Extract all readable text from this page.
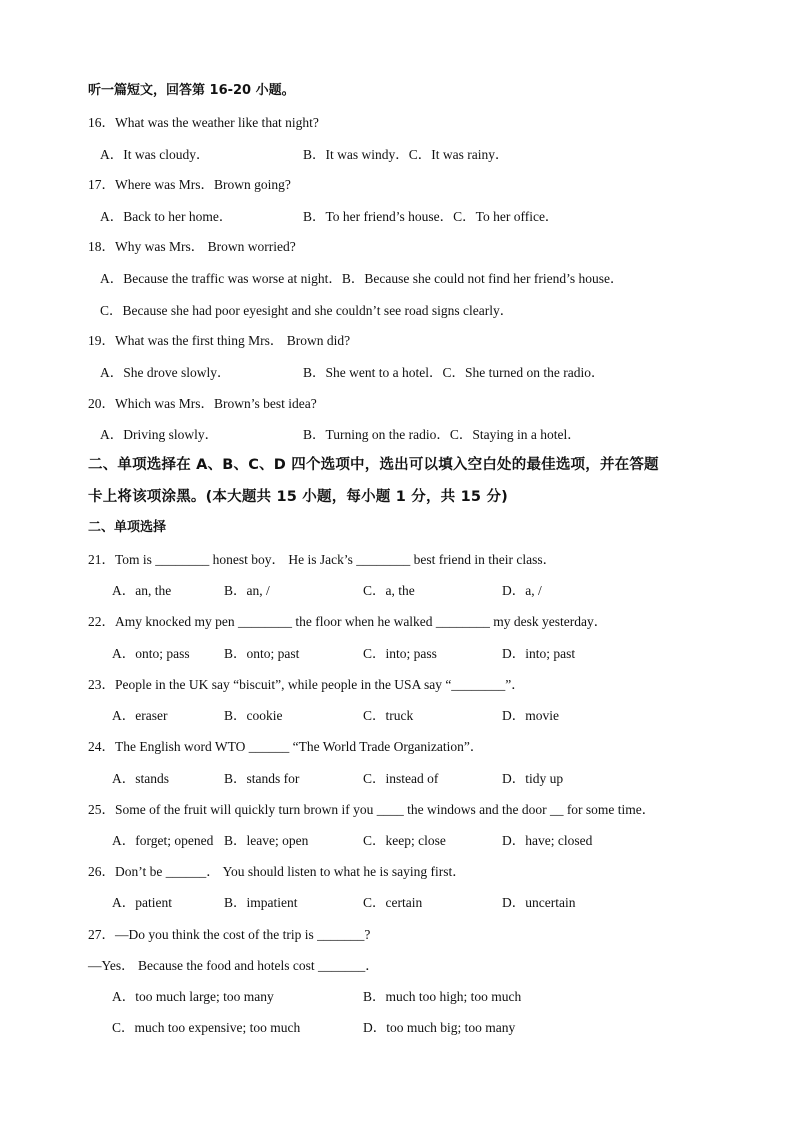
听一篇短文，回答第 16-20 小题。
16．What was the weather like that night?
A．It was cloudy．	B．It was windy．C．It was rainy．
17．Where was Mrs．Brown going?
A．Back to her home．	B．To her friend’s house．C．To her office．
18．Why was Mrs． Brown worried?
A．Because the traffic was worse at night．B．Because she could not find her friend’s house．
C．Because she had poor eyesight and she couldn’t see road signs clearly．
19．What was the first thing Mrs． Brown did?
A．She drove slowly．	B．She went to a hotel．C．She turned on the radio．
20．Which was Mrs．Brown’s best idea?
A．Driving slowly．	B．Turning on the radio．C．Staying in a hotel．
二、单项选择在 A、B、C、D 四个选项中，选出可以填入空白处的最佳选项，并在答题
卡上将该项涂黑。(本大题共 15 小题，每小题 1 分，共 15 分)
二、单项选择
21．Tom is ________ honest boy． He is Jack’s ________ best friend in their class．
A．an, the	B．an, /	C．a, the	D．a, /
22．Amy knocked my pen ________ the floor when he walked ________ my desk yesterday．
A．onto; pass	B．onto; past	C．into; pass	D．into; past
23．People in the UK say “biscuit”, while people in the USA say “________”．
A．eraser	B．cookie	C．truck	D．movie
24．The English word WTO ______ “The World Trade Organization”．
A．stands	B．stands for	C．instead of	D．tidy up
25．Some of the fruit will quickly turn brown if you ____ the windows and the door __ for some time．
A．forget; opened B．leave; open	C．keep; close	D．have; closed
26．Don’t be ______． You should listen to what he is saying first．
A．patient	B．impatient	C．certain	D．uncertain
27．—Do you think the cost of the trip is _______?
—Yes． Because the food and hotels cost _______．
A．too much large; too many	B．much too high; too much
C．much too expensive; too much	D．too much big; too many
